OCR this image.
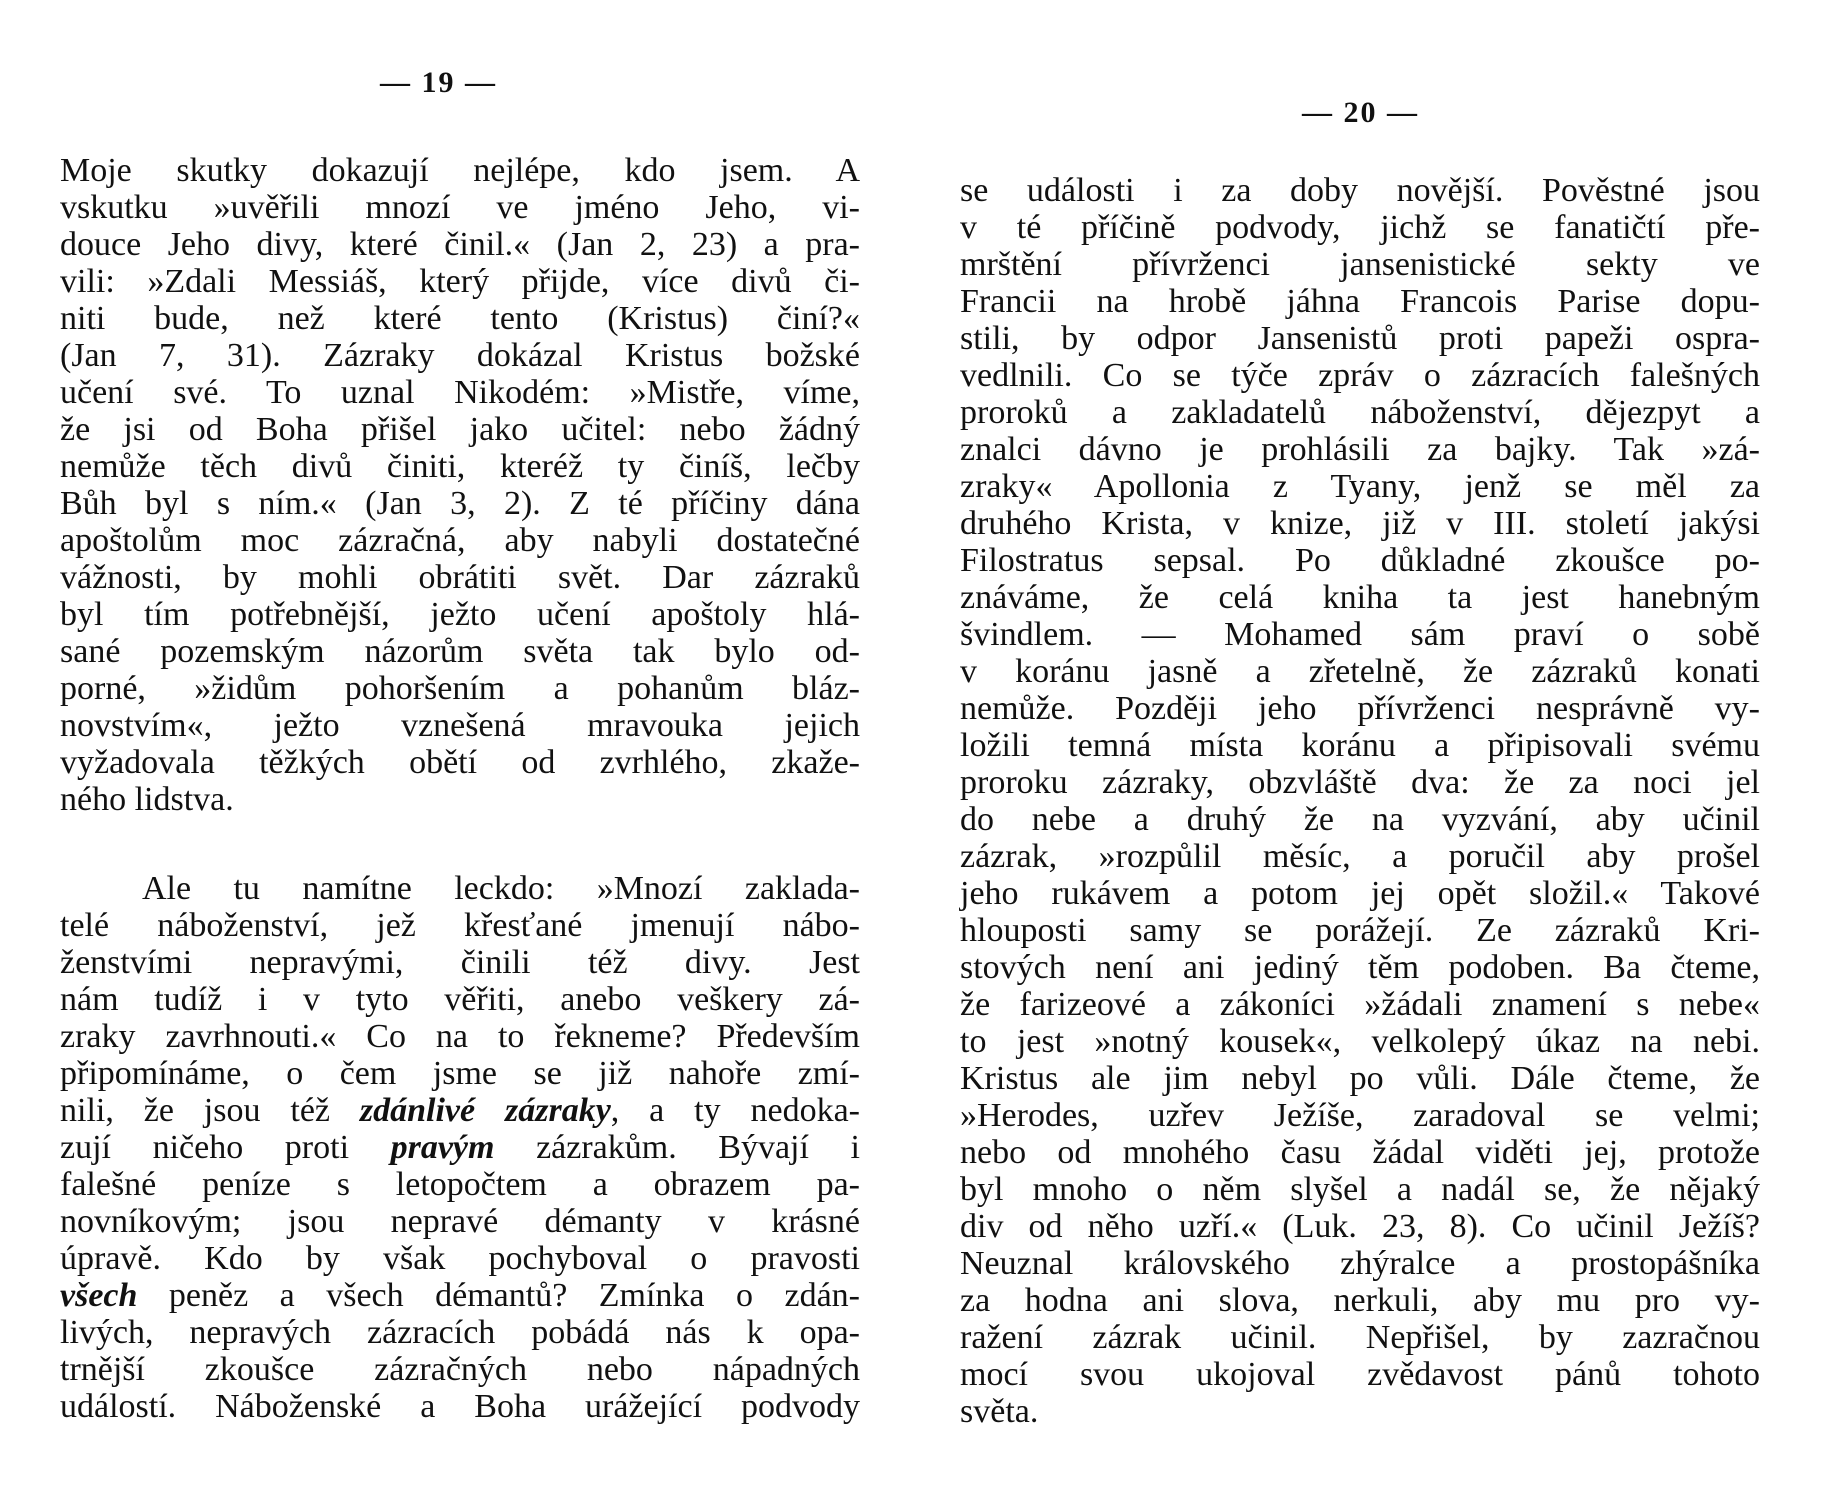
— 19 —
Moje skutky dokazují nejlépe, kdo jsem. A
vskutku »uvěřili mnozí ve jméno Jeho, vi-
douce Jeho divy, které činil.« (Jan 2, 23) a pra-
vili: »Zdali Messiáš, který přijde, více divů či-
niti bude, než které tento (Kristus) činí?«
(Jan 7, 31). Zázraky dokázal Kristus božské
učení své. To uznal Nikodém: »Mistře, víme,
že jsi od Boha přišel jako učitel: nebo žádný
nemůže těch divů činiti, kteréž ty činíš, lečby
Bůh byl s ním.« (Jan 3, 2). Z té příčiny dána
apoštolům moc zázračná, aby nabyli dostatečné
vážnosti, by mohli obrátiti svět. Dar zázraků
byl tím potřebnější, ježto učení apoštoly hlá-
sané pozemským názorům světa tak bylo od-
porné, »židům pohoršením a pohanům bláz-
novstvím«, ježto vznešená mravouka jejich
vyžadovala těžkých obětí od zvrhlého, zkaže-
ného lidstva.
Ale tu namítne leckdo: »Mnozí zaklada-
telé náboženství, jež křesťané jmenují nábo-
ženstvími nepravými, činili též divy. Jest
nám tudíž i v tyto věřiti, anebo veškery zá-
zraky zavrhnouti.« Co na to řekneme? Především
připomínáme, o čem jsme se již nahoře zmí-
nili, že jsou též zdánlivé zázraky, a ty nedoka-
zují ničeho proti pravým zázrakům. Bývají i
falešné peníze s letopočtem a obrazem pa-
novníkovým; jsou nepravé démanty v krásné
úpravě. Kdo by však pochyboval o pravosti
všech peněz a všech démantů? Zmínka o zdán-
livých, nepravých zázracích pobádá nás k opa-
trnější zkoušce zázračných nebo nápadných
událostí. Náboženské a Boha urážející podvody
— 20 —
se události i za doby novější. Pověstné jsou
v té příčině podvody, jichž se fanatičtí pře-
mrštění přívrženci jansenistické sekty ve
Francii na hrobě jáhna Francois Parise dopu-
stili, by odpor Jansenistů proti papeži ospra-
vedlnili. Co se týče zpráv o zázracích falešných
proroků a zakladatelů náboženství, dějezpyt a
znalci dávno je prohlásili za bajky. Tak »zá-
zraky« Apollonia z Tyany, jenž se měl za
druhého Krista, v knize, již v III. století jakýsi
Filostratus sepsal. Po důkladné zkoušce po-
znáváme, že celá kniha ta jest hanebným
švindlem. — Mohamed sám praví o sobě
v koránu jasně a zřetelně, že zázraků konati
nemůže. Později jeho přívrženci nesprávně vy-
ložili temná místa koránu a připisovali svému
proroku zázraky, obzvláště dva: že za noci jel
do nebe a druhý že na vyzvání, aby učinil
zázrak, »rozpůlil měsíc, a poručil aby prošel
jeho rukávem a potom jej opět složil.« Takové
hlouposti samy se porážejí. Ze zázraků Kri-
stových není ani jediný těm podoben. Ba čteme,
že farizeové a zákoníci »žádali znamení s nebe«
to jest »notný kousek«, velkolepý úkaz na nebi.
Kristus ale jim nebyl po vůli. Dále čteme, že
»Herodes, uzřev Ježíše, zaradoval se velmi;
nebo od mnohého času žádal viděti jej, protože
byl mnoho o něm slyšel a nadál se, že nějaký
div od něho uzří.« (Luk. 23, 8). Co učinil Ježíš?
Neuznal královského zhýralce a prostopášníka
za hodna ani slova, nerkuli, aby mu pro vy-
ražení zázrak učinil. Nepřišel, by zazračnou
mocí svou ukojoval zvědavost pánů tohoto
světa.
